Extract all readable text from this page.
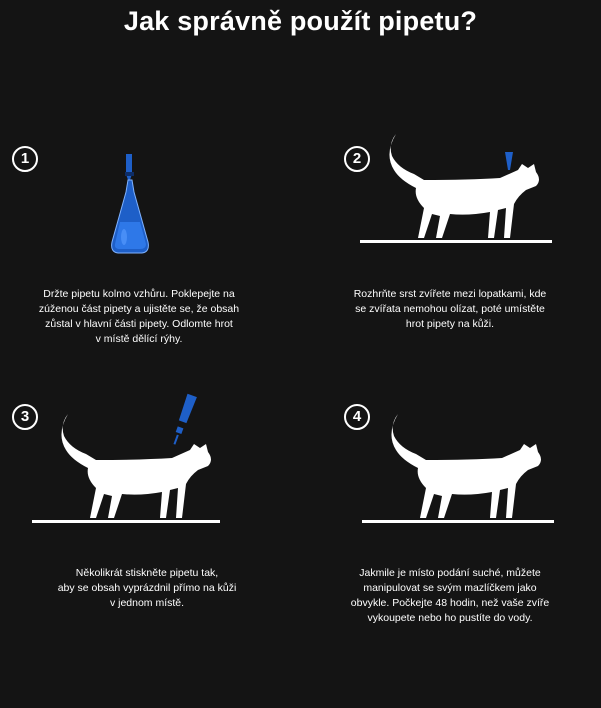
Jak správně použít pipetu?
1
Držte pipetu kolmo vzhůru. Poklepejte na
zúženou část pipety a ujistěte se, že obsah
zůstal v hlavní části pipety. Odlomte hrot
v místě dělící rýhy.
2
Rozhrňte srst zvířete mezi lopatkami, kde
se zvířata nemohou olízat, poté umístěte
hrot pipety na kůži.
3
Několikrát stiskněte pipetu tak,
aby se obsah vyprázdnil přímo na kůži
v jednom místě.
4
Jakmile je místo podání suché, můžete
manipulovat se svým mazlíčkem jako
obvykle. Počkejte 48 hodin, než vaše zvíře
vykoupete nebo ho pustíte do vody.
